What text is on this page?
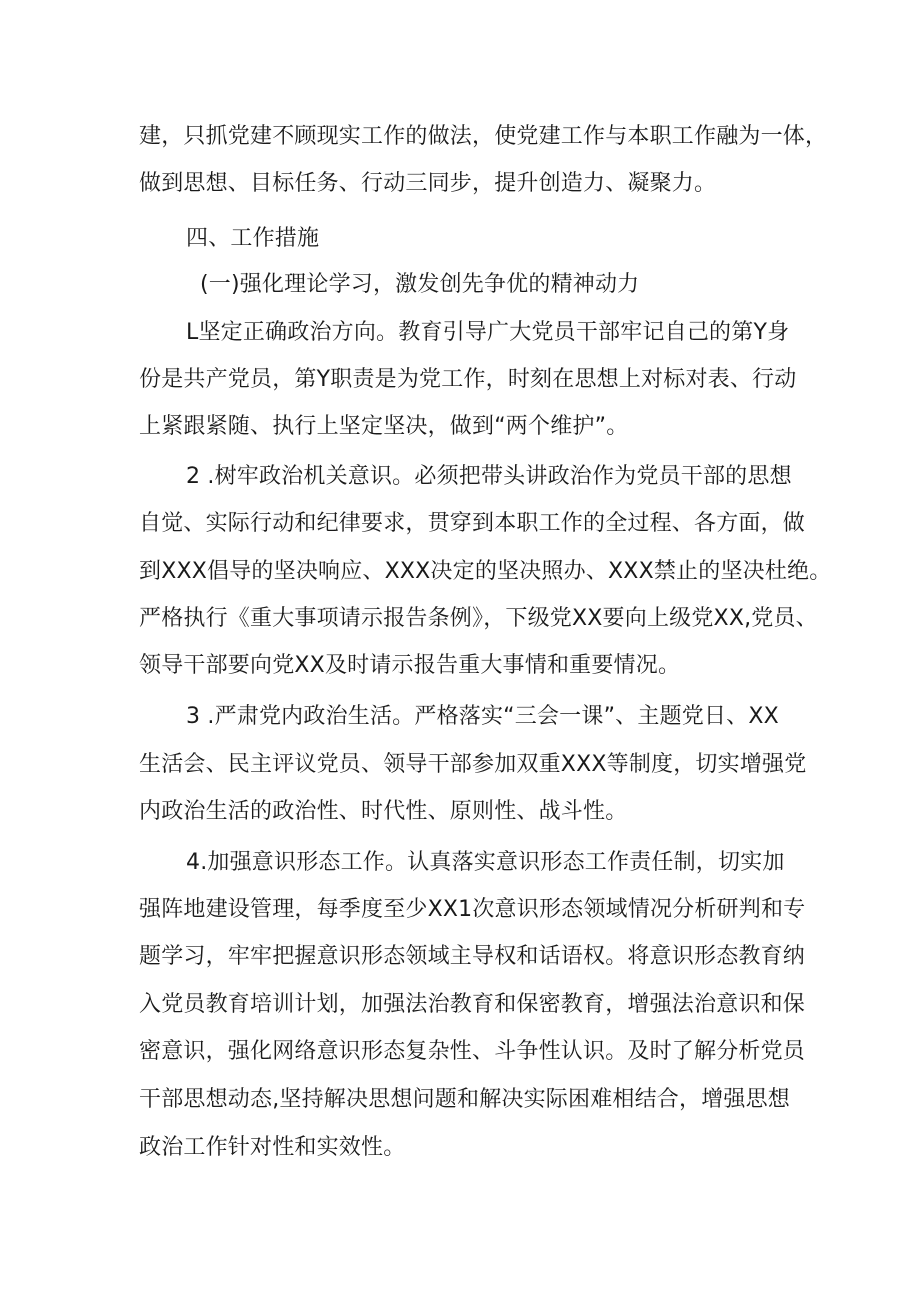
建，只抓党建不顾现实工作的做法，使党建工作与本职工作融为一体，
做到思想、目标任务、行动三同步，提升创造力、凝聚力。
四、工作措施
(一)强化理论学习，激发创先争优的精神动力
L坚定正确政治方向。教育引导广大党员干部牢记自己的第Y身
份是共产党员，第Y职责是为党工作，时刻在思想上对标对表、行动
上紧跟紧随、执行上坚定坚决，做到“两个维护”。
2 .树牢政治机关意识。必须把带头讲政治作为党员干部的思想
自觉、实际行动和纪律要求，贯穿到本职工作的全过程、各方面，做
到XXX倡导的坚决响应、XXX决定的坚决照办、XXX禁止的坚决杜绝。
严格执行《重大事项请示报告条例》，下级党XX要向上级党XX,党员、
领导干部要向党XX及时请示报告重大事情和重要情况。
3 .严肃党内政治生活。严格落实“三会一课”、主题党日、XX
生活会、民主评议党员、领导干部参加双重XXX等制度，切实增强党
内政治生活的政治性、时代性、原则性、战斗性。
4.加强意识形态工作。认真落实意识形态工作责任制，切实加
强阵地建设管理，每季度至少XX1次意识形态领域情况分析研判和专
题学习，牢牢把握意识形态领域主导权和话语权。将意识形态教育纳
入党员教育培训计划，加强法治教育和保密教育，增强法治意识和保
密意识，强化网络意识形态复杂性、斗争性认识。及时了解分析党员
干部思想动态,坚持解决思想问题和解决实际困难相结合，增强思想
政治工作针对性和实效性。
